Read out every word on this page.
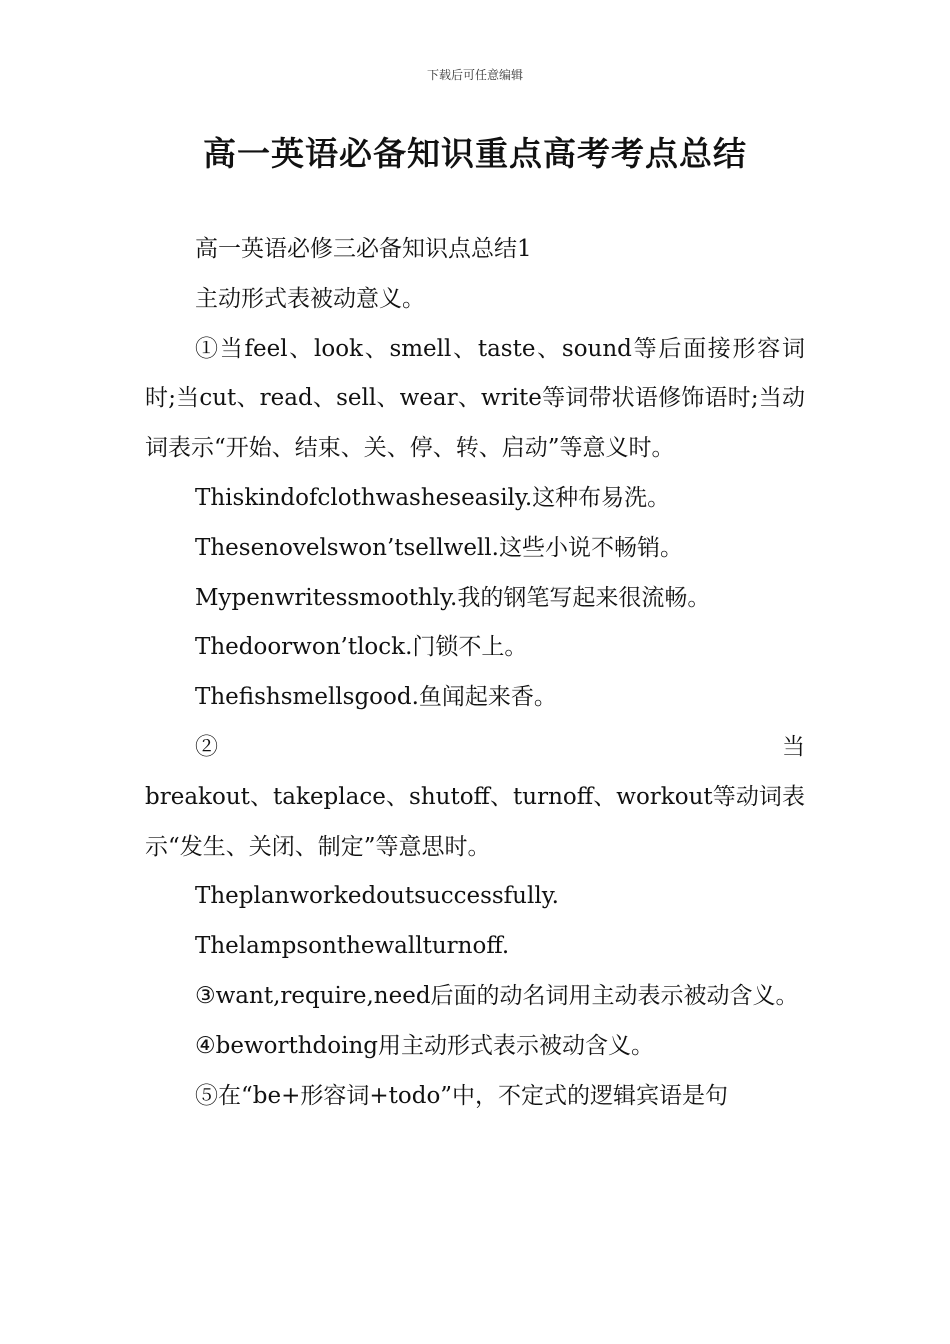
下载后可任意编辑
高一英语必备知识重点高考考点总结

高一英语必修三必备知识点总结1

主动形式表被动意义。

①当feel、look、smell、taste、sound等后面接形容词时;当cut、read、sell、wear、write等词带状语修饰语时;当动词表示“开始、结束、关、停、转、启动”等意义时。

Thiskindofclothwasheseasily.这种布易洗。

Thesenovelswon’tsellwell.这些小说不畅销。

Mypenwritessmoothly.我的钢笔写起来很流畅。

Thedoorwon’tlock.门锁不上。

Thefishsmellsgood.鱼闻起来香。

② 当

breakout、takeplace、shutoff、turnoff、workout等动词表示“发生、关闭、制定”等意思时。

Theplanworkedoutsuccessfully.

Thelampsonthewallturnoff.

③want,require,need后面的动名词用主动表示被动含义。

④beworthdoing用主动形式表示被动含义。

⑤在“be+形容词+todo”中，不定式的逻辑宾语是句
